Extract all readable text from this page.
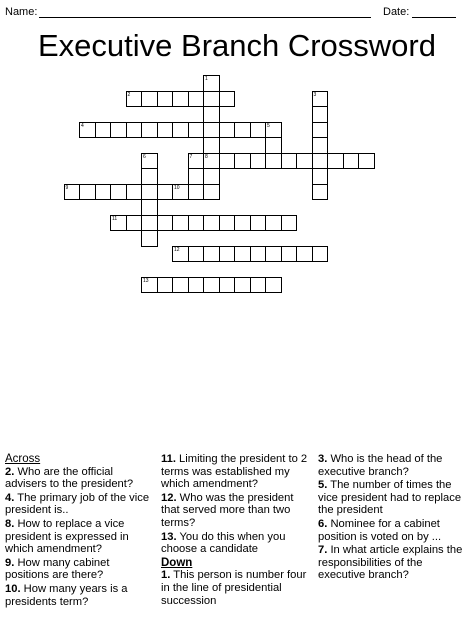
Name:	Date:
Executive Branch Crossword
1
8
2	3
4	5
6	7
9	10
11
12
13
Across
2. Who are the official advisers to the president?
4. The primary job of the vice president is..
8. How to replace a vice president is expressed in which amendment?
9. How many cabinet positions are there?
10. How many years is a presidents term?
11. Limiting the president to 2 terms was established my which amendment?
12. Who was the president that served more than two terms?
13. You do this when you choose a candidate
Down
1. This person is number four in the line of presidential succession
3. Who is the head of the executive branch?
5. The number of times the vice president had to replace the president
6. Nominee for a cabinet position is voted on by ...
7. In what article explains the responsibilities of the executive branch?
